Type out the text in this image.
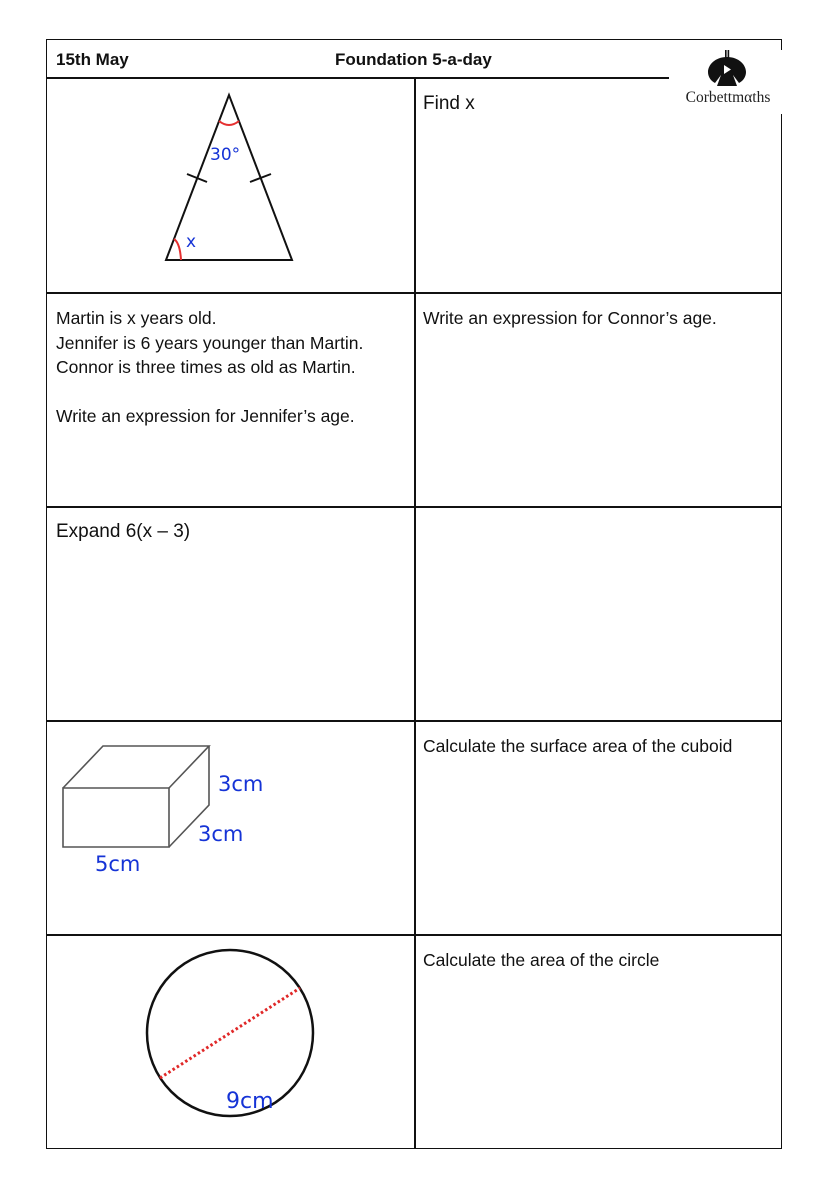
15th May	Foundation 5-a-day
Corbettmαths
30°
x
Find x

Martin is x years old.

Jennifer is 6 years younger than Martin.

Connor is three times as old as Martin.

Write an expression for Jennifer’s age.

Write an expression for Connor’s age.
Expand 6(x – 3)
3cm
3cm
5cm
Calculate the surface area of the cuboid
9cm
Calculate the area of the circle
